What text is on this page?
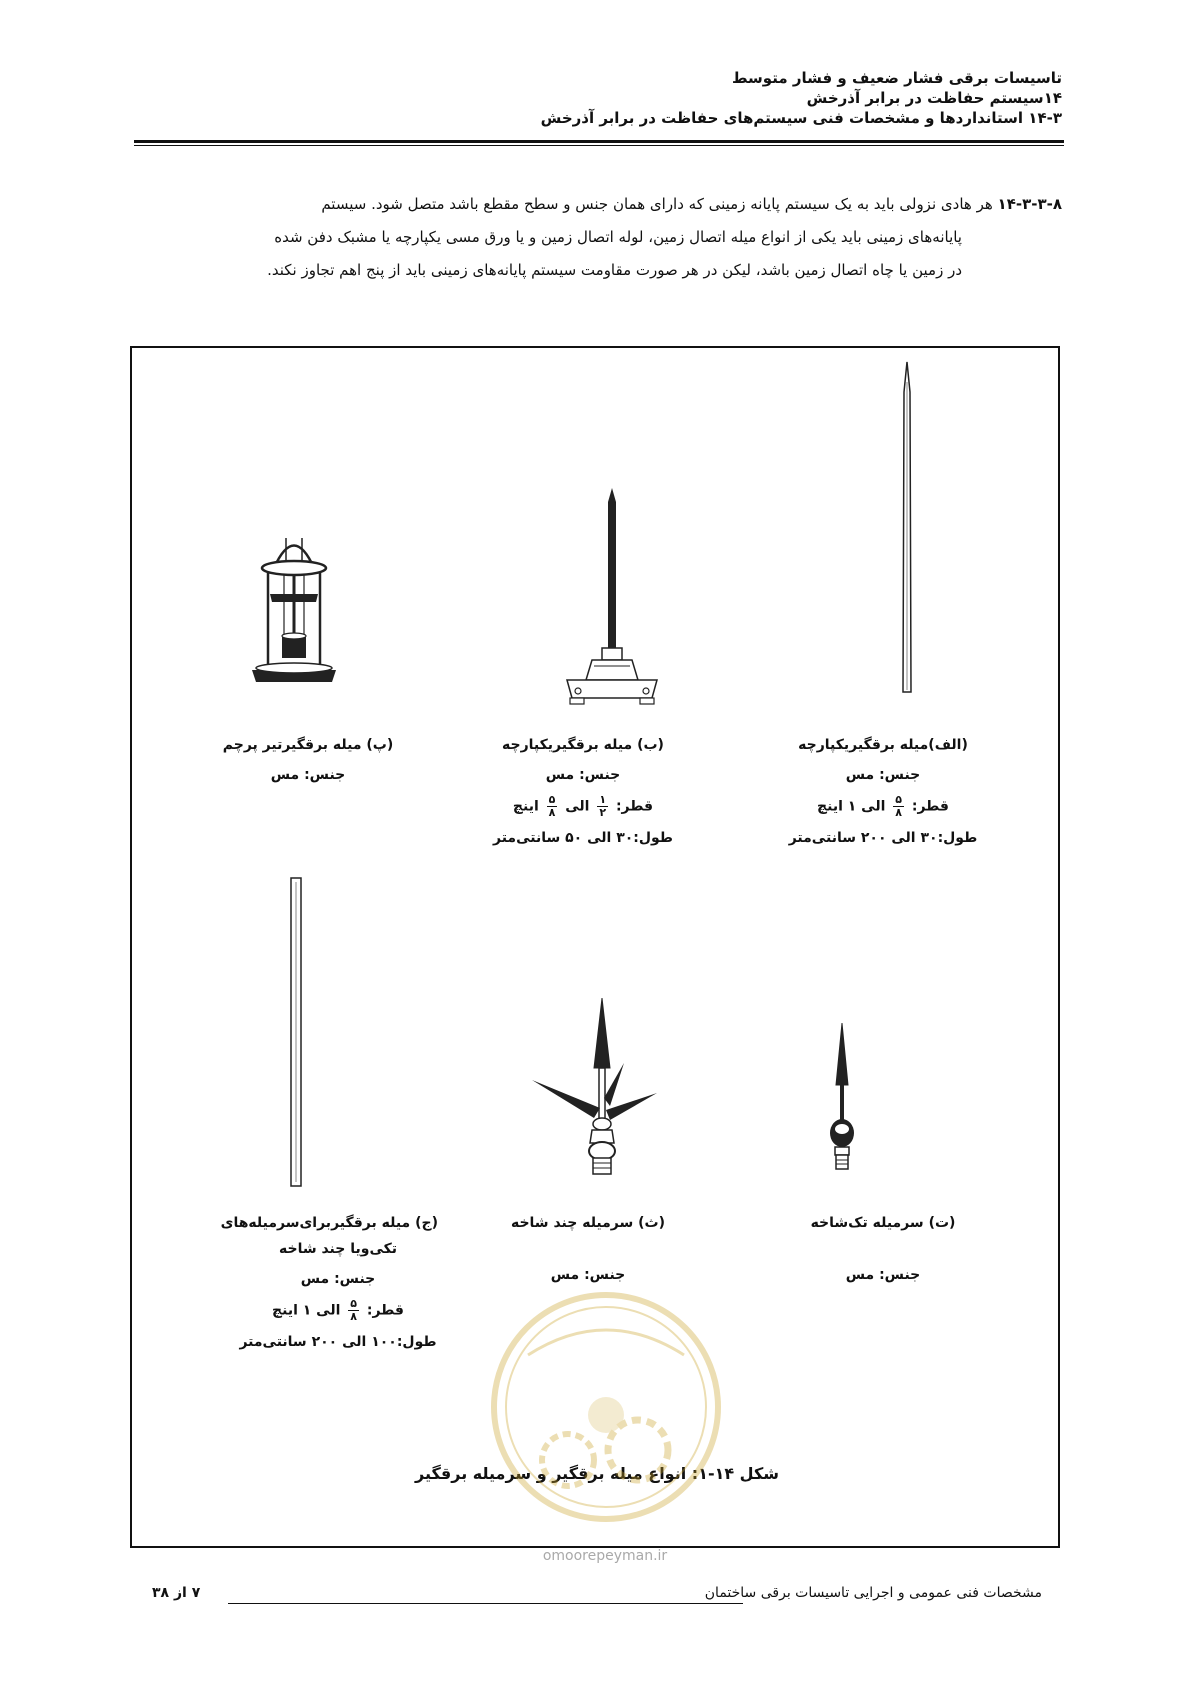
تاسیسات برقی فشار ضعیف و فشار متوسط
۱۴سیستم حفاظت در برابر آذرخش
۱۴-۳ استانداردها و مشخصات فنی سیستم‌های حفاظت در برابر آذرخش
۱۴-۳-۳-۸ هر هادی نزولی باید به یک سیستم پایانه زمینی که دارای همان جنس و سطح مقطع باشد متصل شود. سیستم
پایانه‌های زمینی باید یکی از انواع میله اتصال زمین، لوله اتصال زمین و یا ورق مسی یکپارچه یا مشبک دفن شده
در زمین یا چاه اتصال زمین باشد، لیکن در هر صورت مقاومت سیستم پایانه‌های زمینی باید از پنج اهم تجاوز نکند.
(الف)میله برقگیریکپارچه
جنس: مس
قطر:
$\frac{۵}{۸}$
الی ۱ اینچ
طول:۳۰ الی ۲۰۰ سانتی‌متر
(ب) میله برقگیریکپارچه
جنس: مس
قطر:
$\frac{۱}{۲}$
الی
$\frac{۵}{۸}$
اینچ
طول:۳۰ الی ۵۰ سانتی‌متر
(پ) میله برقگیرتیر پرچم
جنس: مس
(ت) سرمیله تک‌شاخه
جنس: مس
(ث) سرمیله چند شاخه
جنس: مس
(ج) میله برقگیربرای‌سرمیله‌های
تکی‌ویا چند شاخه
جنس: مس
قطر:
$\frac{۵}{۸}$
الی ۱ اینچ
طول:۱۰۰ الی ۲۰۰ سانتی‌متر
شکل ۱۴-۱: انواع میله برقگیر و سرمیله برقگیر
omoorepeyman.ir
مشخصات فنی عمومی و اجرایی تاسیسات برقی ساختمان
۷ از ۳۸
